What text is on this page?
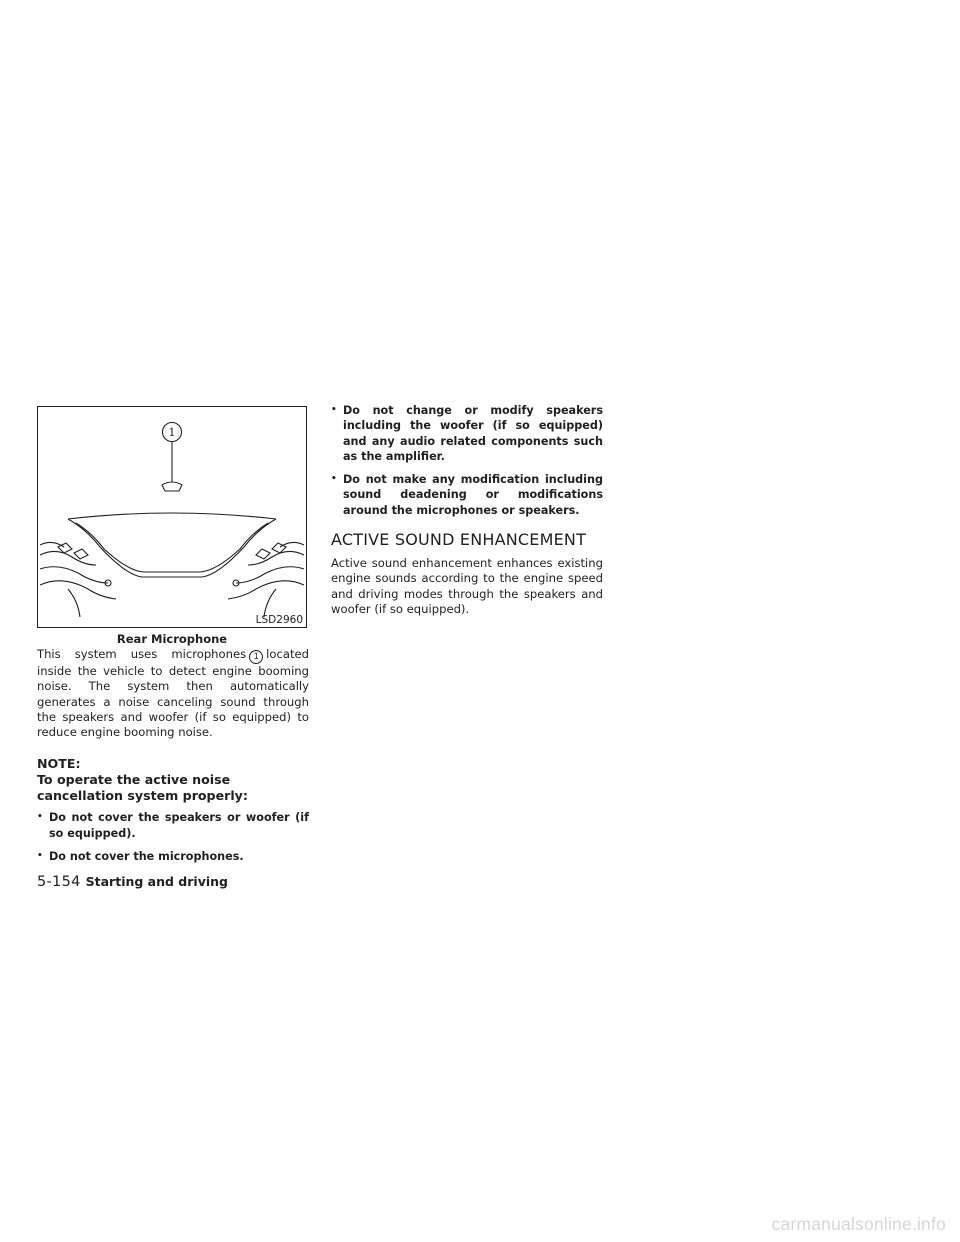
1
LSD2960
Rear Microphone

This system uses microphones 1 located inside the vehicle to detect engine booming noise. The system then automatically generates a noise canceling sound through the speakers and woofer (if so equipped) to reduce engine booming noise.

NOTE:
To operate the active noise cancellation system properly:
• Do not cover the speakers or woofer (if so equipped).
• Do not cover the microphones.
• Do not change or modify speakers including the woofer (if so equipped) and any audio related components such as the amplifier.
• Do not make any modification including sound deadening or modifications around the microphones or speakers.
ACTIVE SOUND ENHANCEMENT

Active sound enhancement enhances existing engine sounds according to the engine speed and driving modes through the speakers and woofer (if so equipped).

5-154 Starting and driving
carmanualsonline.info
